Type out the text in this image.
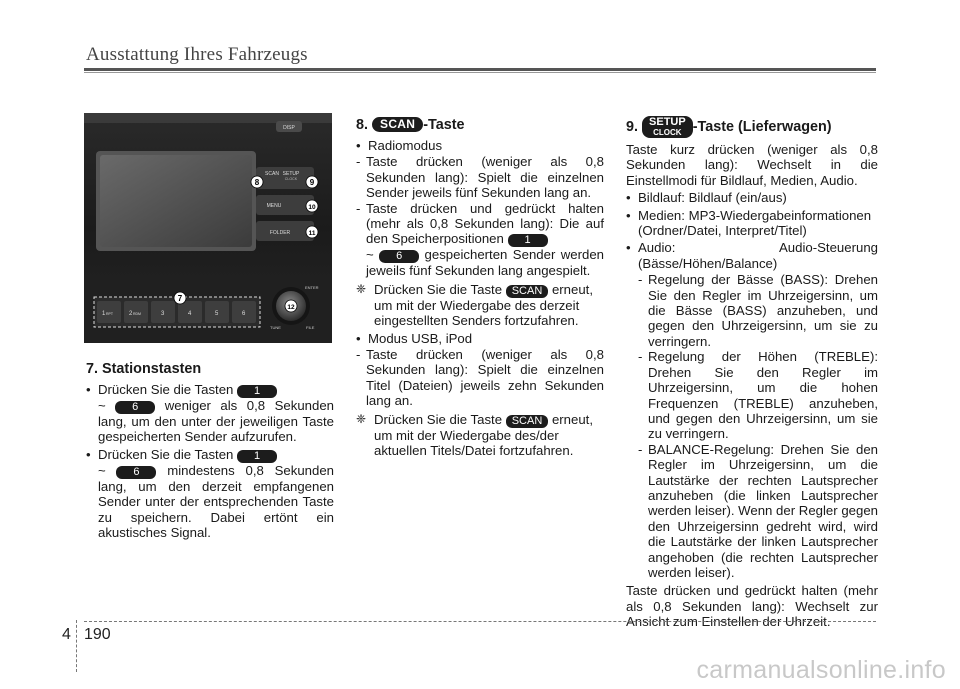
Ausstattung Ihres Fahrzeugs
DISP
SCAN SETUP
CLOCK
MENU
FOLDER
1 RPT	2 RDM	3	4	5	6
ENTER
TUNE	FILE
7
8	9
10
11
12
7. Stationstasten
• Drücken Sie die Tasten 1
~ 6 weniger als 0,8 Sekunden lang, um den unter der jeweiligen Taste gespeicherten Sender aufzurufen.
• Drücken Sie die Tasten 1
~	6 mindestens 0,8 Sekunden lang, um den derzeit empfangenen Sender unter der entsprechenden Taste zu speichern. Dabei ertönt ein akustisches Signal.
8. SCAN -Taste
• Radiomodus
- Taste drücken (weniger als 0,8 Sekunden lang): Spielt die einzelnen Sender jeweils fünf Sekunden lang an.
- Taste drücken und gedrückt halten (mehr als 0,8 Sekunden lang): Die auf den Speicherpositionen 1
~ 6 gespeicherten Sender werden jeweils fünf Sekunden lang angespielt.
❈ Drücken Sie die Taste SCAN erneut, um mit der Wiedergabe des derzeit eingestellten Senders fortzufahren.
• Modus USB, iPod
- Taste drücken (weniger als 0,8 Sekunden lang): Spielt die einzelnen Titel (Dateien) jeweils zehn Sekunden lang an.
❈ Drücken Sie die Taste SCAN erneut, um mit der Wiedergabe des/der aktuellen Titels/Datei fortzufahren.
9. SETUP
CLOCK -Taste (Lieferwagen)

Taste kurz drücken (weniger als 0,8 Sekunden lang): Wechselt in die Einstellmodi für Bildlauf, Medien, Audio.

• Bildlauf: Bildlauf (ein/aus)
• Medien: MP3-Wiedergabeinformationen (Ordner/Datei, Interpret/Titel)
• Audio:	Audio-Steuerung
(Bässe/Höhen/Balance)
- Regelung der Bässe (BASS): Drehen Sie den Regler im Uhrzeigersinn, um die Bässe (BASS) anzuheben, und gegen den Uhrzeigersinn, um sie zu verringern.
- Regelung der Höhen (TREBLE): Drehen Sie den Regler im Uhrzeigersinn, um die hohen Frequenzen (TREBLE) anzuheben, und gegen den Uhrzeigersinn, um sie zu verringern.
- BALANCE-Regelung: Drehen Sie den Regler im Uhrzeigersinn, um die Lautstärke der rechten Lautsprecher anzuheben (die linken Lautsprecher werden leiser). Wenn der Regler gegen den Uhrzeigersinn gedreht wird, wird die Lautstärke der linken Lautsprecher angehoben (die rechten Lautsprecher werden leiser).

Taste drücken und gedrückt halten (mehr als 0,8 Sekunden lang): Wechselt zur Ansicht zum Einstellen der Uhrzeit.

4 190
carmanualsonline.info
